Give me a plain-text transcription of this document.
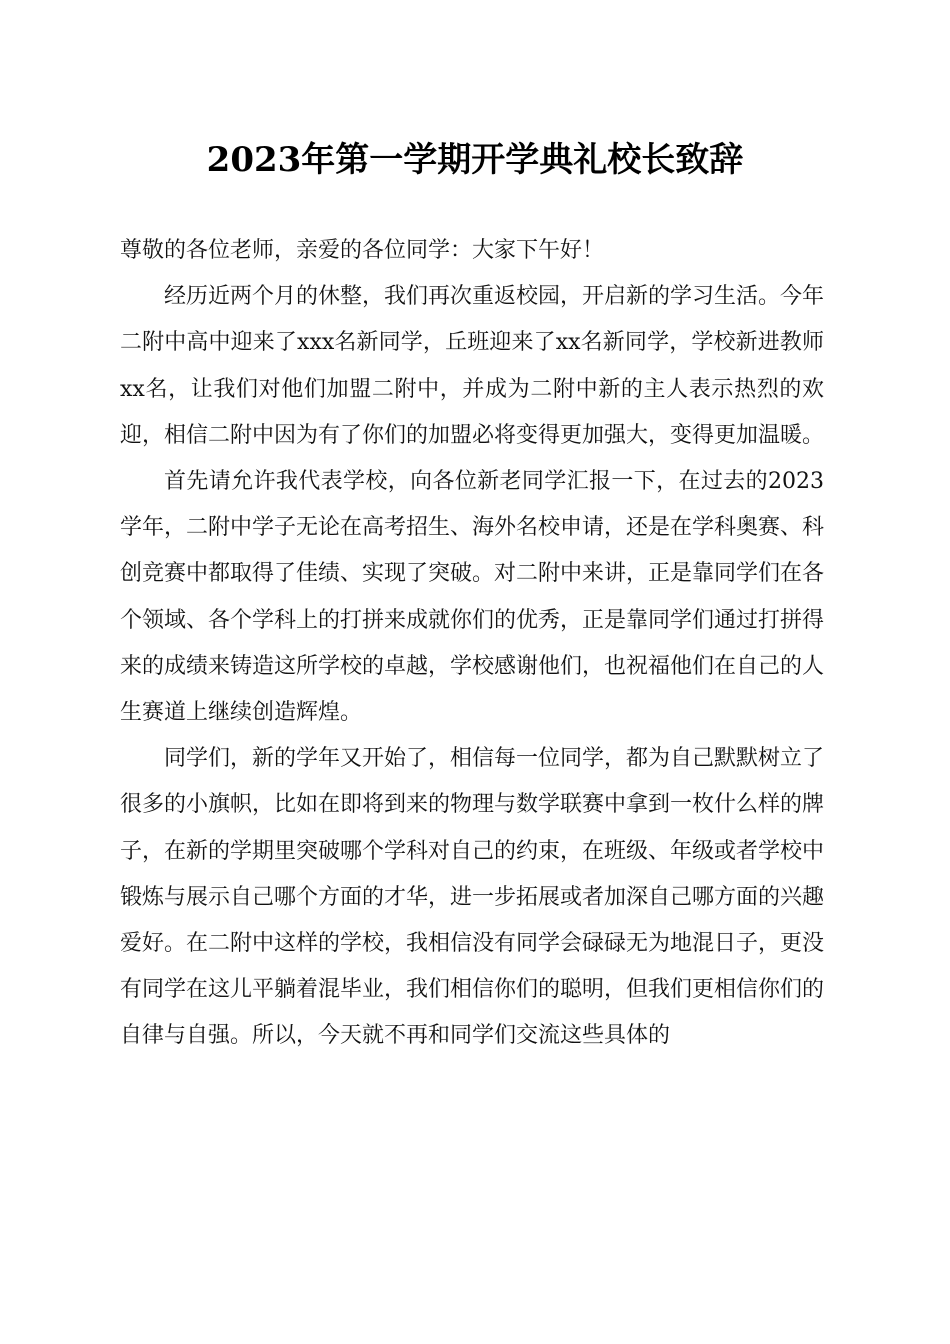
2023年第一学期开学典礼校长致辞

尊敬的各位老师，亲爱的各位同学：大家下午好！

经历近两个月的休整，我们再次重返校园，开启新的学习生活。今年二附中高中迎来了xxx名新同学，丘班迎来了xx名新同学，学校新进教师xx名，让我们对他们加盟二附中，并成为二附中新的主人表示热烈的欢迎，相信二附中因为有了你们的加盟必将变得更加强大，变得更加温暖。

首先请允许我代表学校，向各位新老同学汇报一下，在过去的2023学年，二附中学子无论在高考招生、海外名校申请，还是在学科奥赛、科创竞赛中都取得了佳绩、实现了突破。对二附中来讲，正是靠同学们在各个领域、各个学科上的打拼来成就你们的优秀，正是靠同学们通过打拼得来的成绩来铸造这所学校的卓越，学校感谢他们，也祝福他们在自己的人生赛道上继续创造辉煌。

同学们，新的学年又开始了，相信每一位同学，都为自己默默树立了很多的小旗帜，比如在即将到来的物理与数学联赛中拿到一枚什么样的牌子，在新的学期里突破哪个学科对自己的约束，在班级、年级或者学校中锻炼与展示自己哪个方面的才华，进一步拓展或者加深自己哪方面的兴趣爱好。在二附中这样的学校，我相信没有同学会碌碌无为地混日子，更没有同学在这儿平躺着混毕业，我们相信你们的聪明，但我们更相信你们的自律与自强。所以，今天就不再和同学们交流这些具体的
